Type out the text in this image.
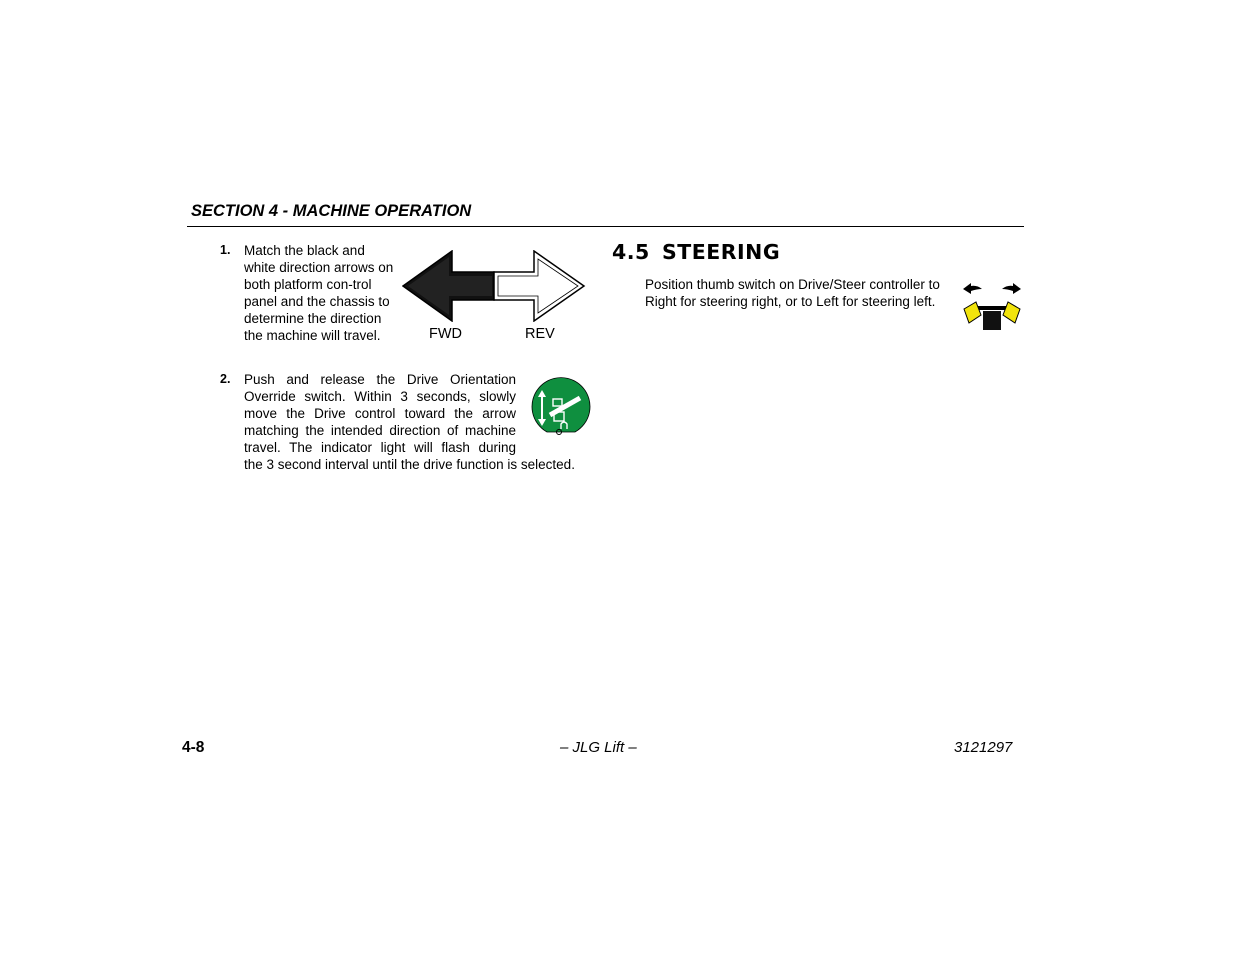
SECTION 4 - MACHINE OPERATION
1. Match the black and white direction arrows on both platform con-trol panel and the chassis to determine the direction the machine will travel.	FWD	REV
2. Push and release the Drive Orientation
Override switch. Within 3 seconds, slowly
move the Drive control toward the arrow
matching the intended direction of machine
travel. The indicator light will flash during
the 3 second interval until the drive function is selected.
4.5 STEERING
Position thumb switch on Drive/Steer controller to Right for steering right, or to Left for steering left.
4-8	– JLG Lift –	3121297
